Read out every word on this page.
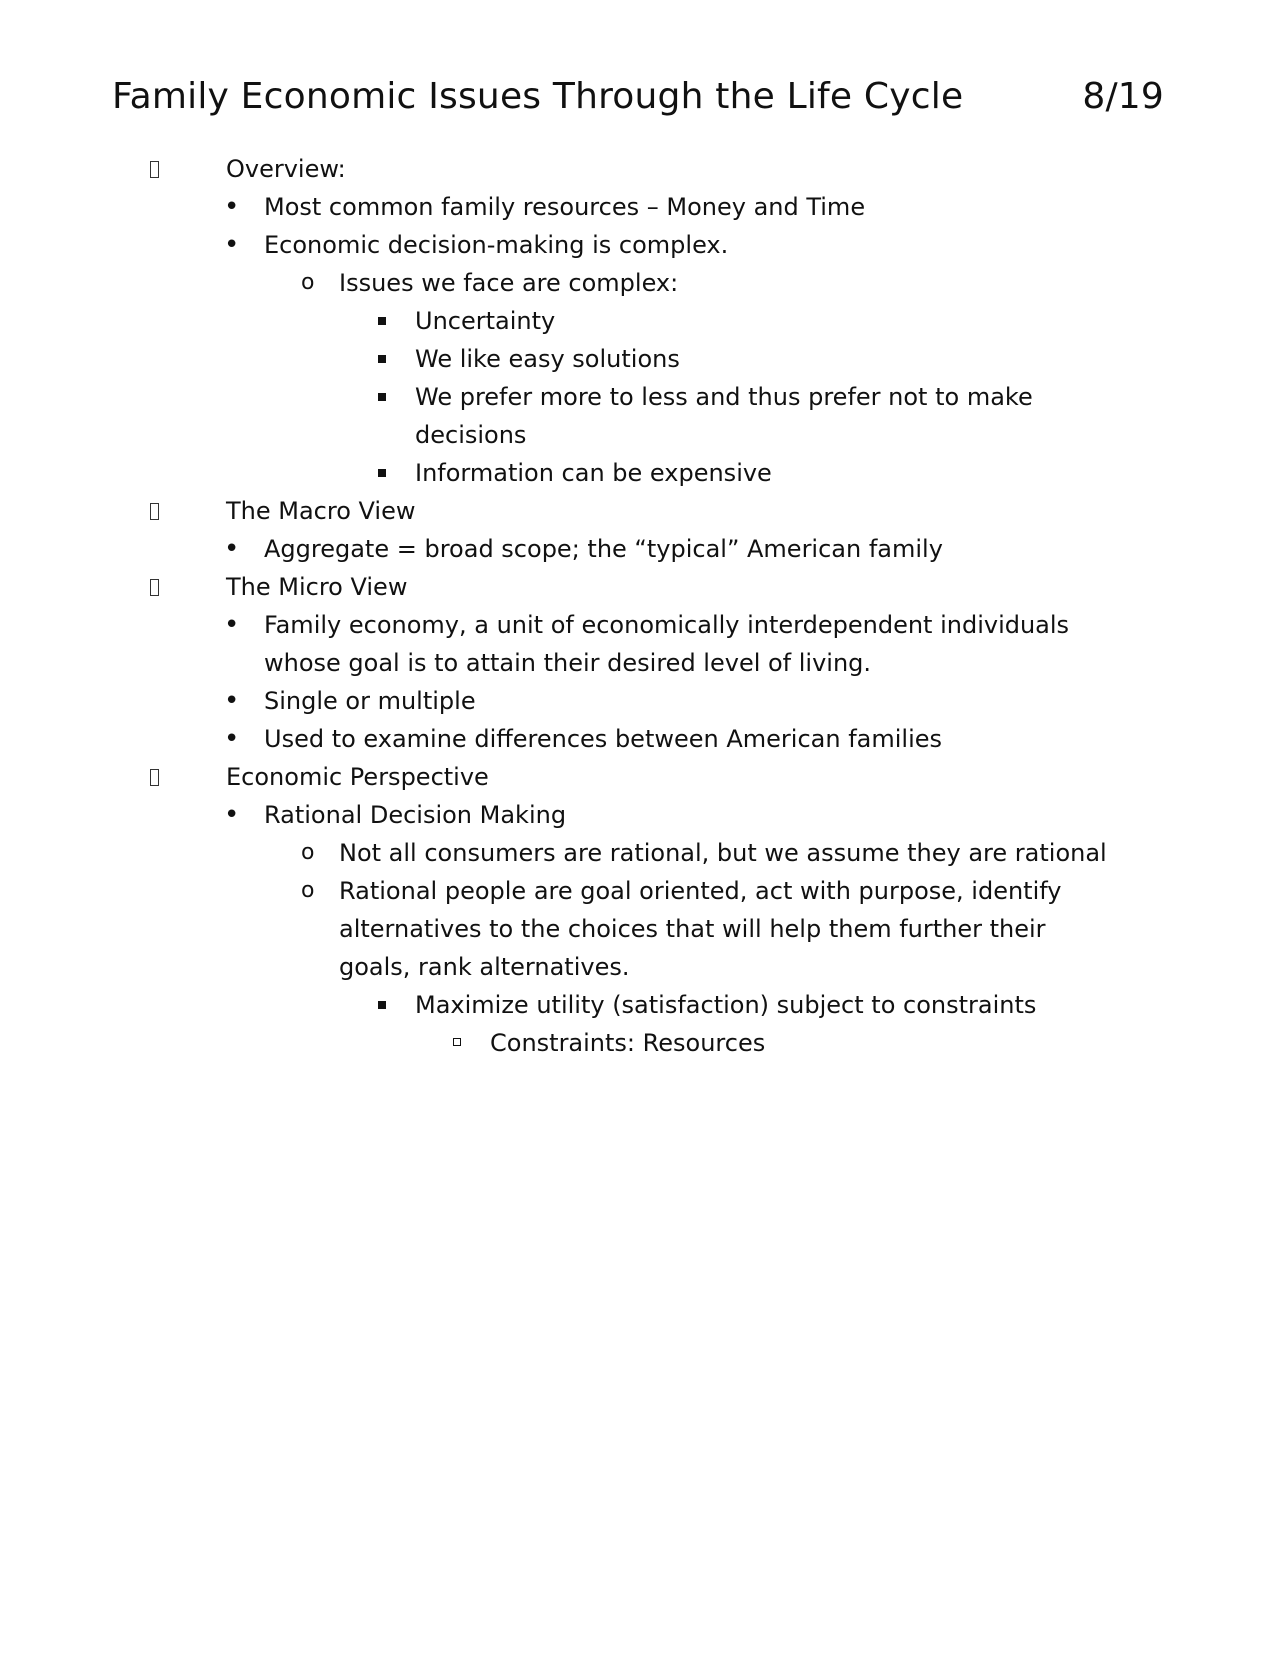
Family Economic Issues Through the Life Cycle	8/19
Overview:
• Most common family resources – Money and Time
• Economic decision-making is complex.
o Issues we face are complex:
Uncertainty
We like easy solutions
We prefer more to less and thus prefer not to make decisions
Information can be expensive
The Macro View
• Aggregate = broad scope; the “typical” American family
The Micro View
• Family economy, a unit of economically interdependent individuals whose goal is to attain their desired level of living.
• Single or multiple
• Used to examine differences between American families
Economic Perspective
• Rational Decision Making
o Not all consumers are rational, but we assume they are rational
o Rational people are goal oriented, act with purpose, identify alternatives to the choices that will help them further their goals, rank alternatives.
Maximize utility (satisfaction) subject to constraints
Constraints: Resources
